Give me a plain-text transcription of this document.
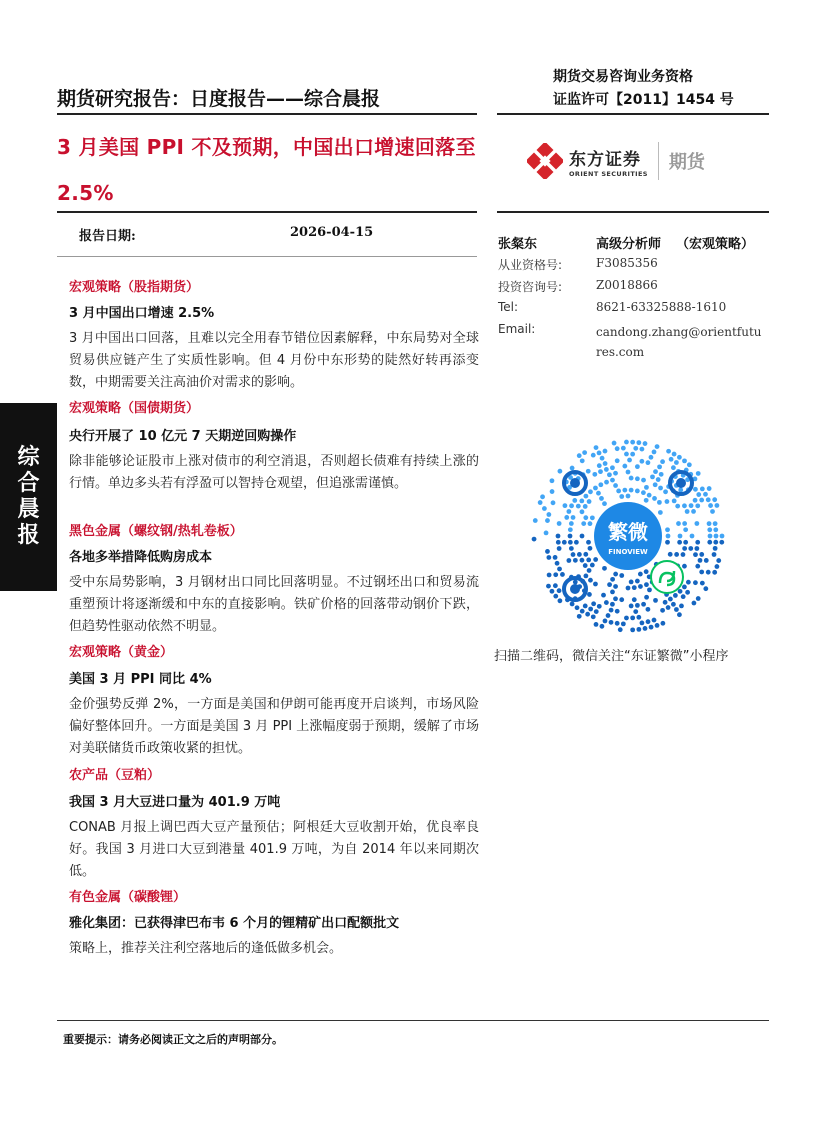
综
合
晨
报
期货交易咨询业务资格
证监许可【2011】1454 号
期货研究报告：日度报告——综合晨报
3 月美国 PPI 不及预期，中国出口增速回落至 2.5%
东方证券
ORIENT SECURITIES
期货
报告日期:	2026-04-15
张粲东	高级分析师 （宏观策略）
从业资格号:	F3085356
投资咨询号:	Z0018866
Tel:	8621-63325888-1610
Email:	candong.zhang@orientfutures.com
繁微
FINOVIEW
扫描二维码，微信关注“东证繁微”小程序
宏观策略（股指期货）
3 月中国出口增速 2.5%
3 月中国出口回落，且难以完全用春节错位因素解释，中东局势对全球贸易供应链产生了实质性影响。但 4 月份中东形势的陡然好转再添变数，中期需要关注高油价对需求的影响。
宏观策略（国债期货）
央行开展了 10 亿元 7 天期逆回购操作
除非能够论证股市上涨对债市的利空消退，否则超长债难有持续上涨的行情。单边多头若有浮盈可以智持仓观望，但追涨需谨慎。
黑色金属（螺纹钢/热轧卷板）
各地多举措降低购房成本
受中东局势影响，3 月钢材出口同比回落明显。不过钢坯出口和贸易流重塑预计将逐渐缓和中东的直接影响。铁矿价格的回落带动钢价下跌，但趋势性驱动依然不明显。
宏观策略（黄金）
美国 3 月 PPI 同比 4%
金价强势反弹 2%，一方面是美国和伊朗可能再度开启谈判，市场风险偏好整体回升。一方面是美国 3 月 PPI 上涨幅度弱于预期，缓解了市场对美联储货币政策收紧的担忧。
农产品（豆粕）
我国 3 月大豆进口量为 401.9 万吨
CONAB 月报上调巴西大豆产量预估；阿根廷大豆收割开始，优良率良好。我国 3 月进口大豆到港量 401.9 万吨，为自 2014 年以来同期次低。
有色金属（碳酸锂）
雅化集团：已获得津巴布韦 6 个月的锂精矿出口配额批文
策略上，推荐关注利空落地后的逢低做多机会。
重要提示：请务必阅读正文之后的声明部分。
